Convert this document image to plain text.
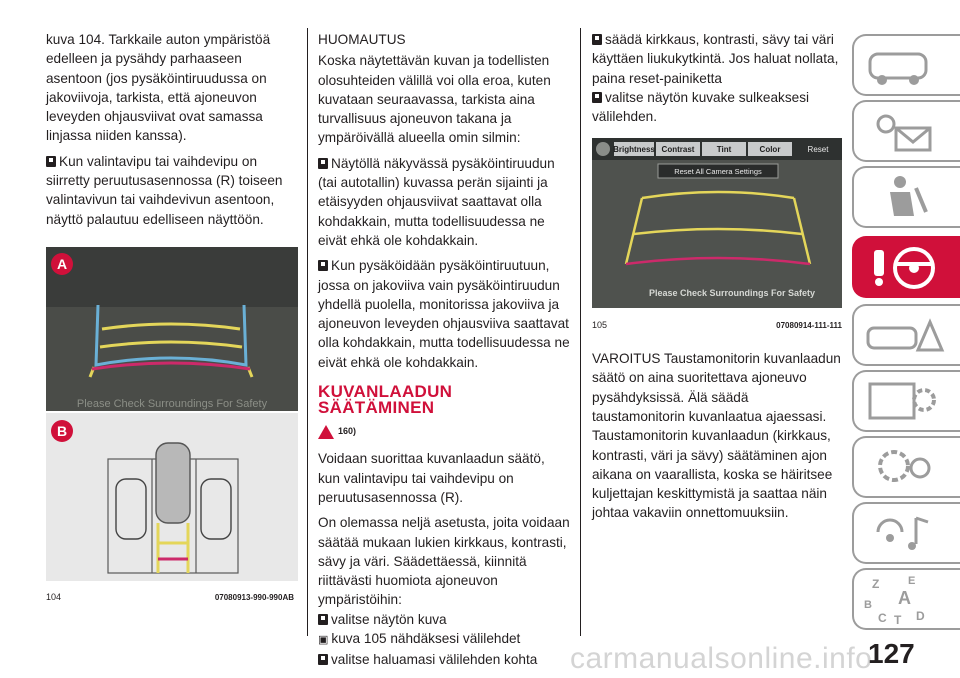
kuva 104. Tarkkaile auton ympäristöä edelleen ja pysähdy parhaaseen asentoon (jos pysäköintiruudussa on jakoviivoja, tarkista, että ajoneuvon leveyden ohjausviivat ovat samassa linjassa niiden kanssa).

Kun valintavipu tai vaihdevipu on siirretty peruutusasennossa (R) toiseen valintavivun tai vaihdevivun asentoon, näyttö palautuu edelliseen näyttöön.

A
Please Check Surroundings For Safety
B
104	07080913-990-990AB

HUOMAUTUS

Koska näytettävän kuvan ja todellisten olosuhteiden välillä voi olla eroa, kuten kuvataan seuraavassa, tarkista aina turvallisuus ajoneuvon takana ja ympäröivällä alueella omin silmin:

Näytöllä näkyvässä pysäköintiruudun (tai autotallin) kuvassa perän sijainti ja etäisyyden ohjausviivat saattavat olla kohdakkain, mutta todellisuudessa ne eivät ehkä ole kohdakkain.

Kun pysäköidään pysäköintiruutuun, jossa on jakoviiva vain pysäköintiruudun yhdellä puolella, monitorissa jakoviiva ja ajoneuvon leveyden ohjausviiva saattavat olla kohdakkain, mutta todellisuudessa ne eivät ehkä ole kohdakkain.

KUVANLAADUN SÄÄTÄMINEN
160)

Voidaan suorittaa kuvanlaadun säätö, kun valintavipu tai vaihdevipu on peruutusasennossa (R).

On olemassa neljä asetusta, joita voidaan säätää mukaan lukien kirkkaus, kontrasti, sävy ja väri. Säädettäessä, kiinnitä riittävästi huomiota ajoneuvon ympäristöihin:

valitse näytön kuva
▣ kuva 105 nähdäksesi välilehdet
valitse haluamasi välilehden kohta

säädä kirkkaus, kontrasti, sävy tai väri käyttäen liukukytkintä. Jos haluat nollata, paina reset-painiketta

valitse näytön kuvake sulkeaksesi välilehden.

Brightness Contrast	Tint	Color	Reset
Reset All Camera Settings
Please Check Surroundings For Safety
105	07080914-111-111

VAROITUS Taustamonitorin kuvanlaadun säätö on aina suoritettava ajoneuvo pysähdyksissä. Älä säädä taustamonitorin kuvanlaatua ajaessasi. Taustamonitorin kuvanlaadun (kirkkaus, kontrasti, väri ja sävy) säätäminen ajon aikana on vaarallista, koska se häiritsee kuljettajan keskittymistä ja saattaa näin johtaa vakaviin onnettomuuksiin.

Z	E
A
B
C T D
carmanualsonline.info
127
